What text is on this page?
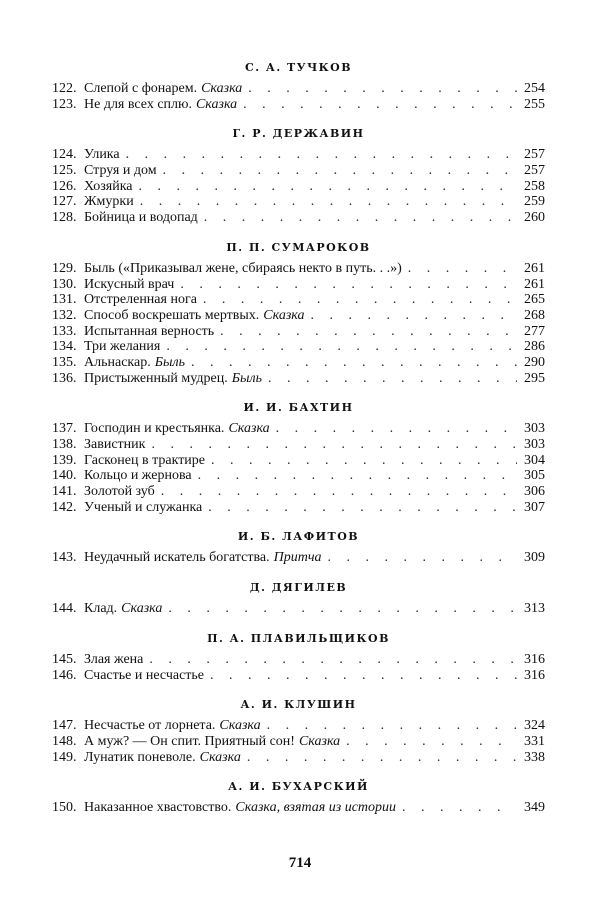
С. А. ТУЧКОВ
122. Слепой с фонарем. Сказка . . .	254
123. Не для всех сплю. Сказка . . .	255
Г. Р. ДЕРЖАВИН
124. Улика . . .	257
125. Струя и дом . . .	257
126. Хозяйка . . .	258
127. Жмурки . . .	259
128. Бойница и водопад . . .	260
П. П. СУМАРОКОВ
129. Быль («Приказывал жене, сбираясь некто в путь. . .») . . .	261
130. Искусный врач . . .	261
131. Отстреленная нога . . .	265
132. Способ воскрешать мертвых. Сказка . . .	268
133. Испытанная верность . . .	277
134. Три желания . . .	286
135. Альнаскар. Быль . . .	290
136. Пристыженный мудрец. Быль . . .	295
И. И. БАХТИН
137. Господин и крестьянка. Сказка . . .	303
138. Завистник . . .	303
139. Гасконец в трактире . . .	304
140. Кольцо и жернова . . .	305
141. Золотой зуб . . .	306
142. Ученый и служанка . . .	307
И. Б. ЛАФИТОВ
143. Неудачный искатель богатства. Притча . . .	309
Д. ДЯГИЛЕВ
144. Клад. Сказка . . .	313
П. А. ПЛАВИЛЬЩИКОВ
145. Злая жена . . .	316
146. Счастье и несчастье . . .	316
А. И. КЛУШИН
147. Несчастье от лорнета. Сказка . . .	324
148. А муж? — Он спит. Приятный сон! Сказка . . .	331
149. Лунатик поневоле. Сказка . . .	338
А. И. БУХАРСКИЙ
150. Наказанное хвастовство. Сказка, взятая из истории . . .	349
714
